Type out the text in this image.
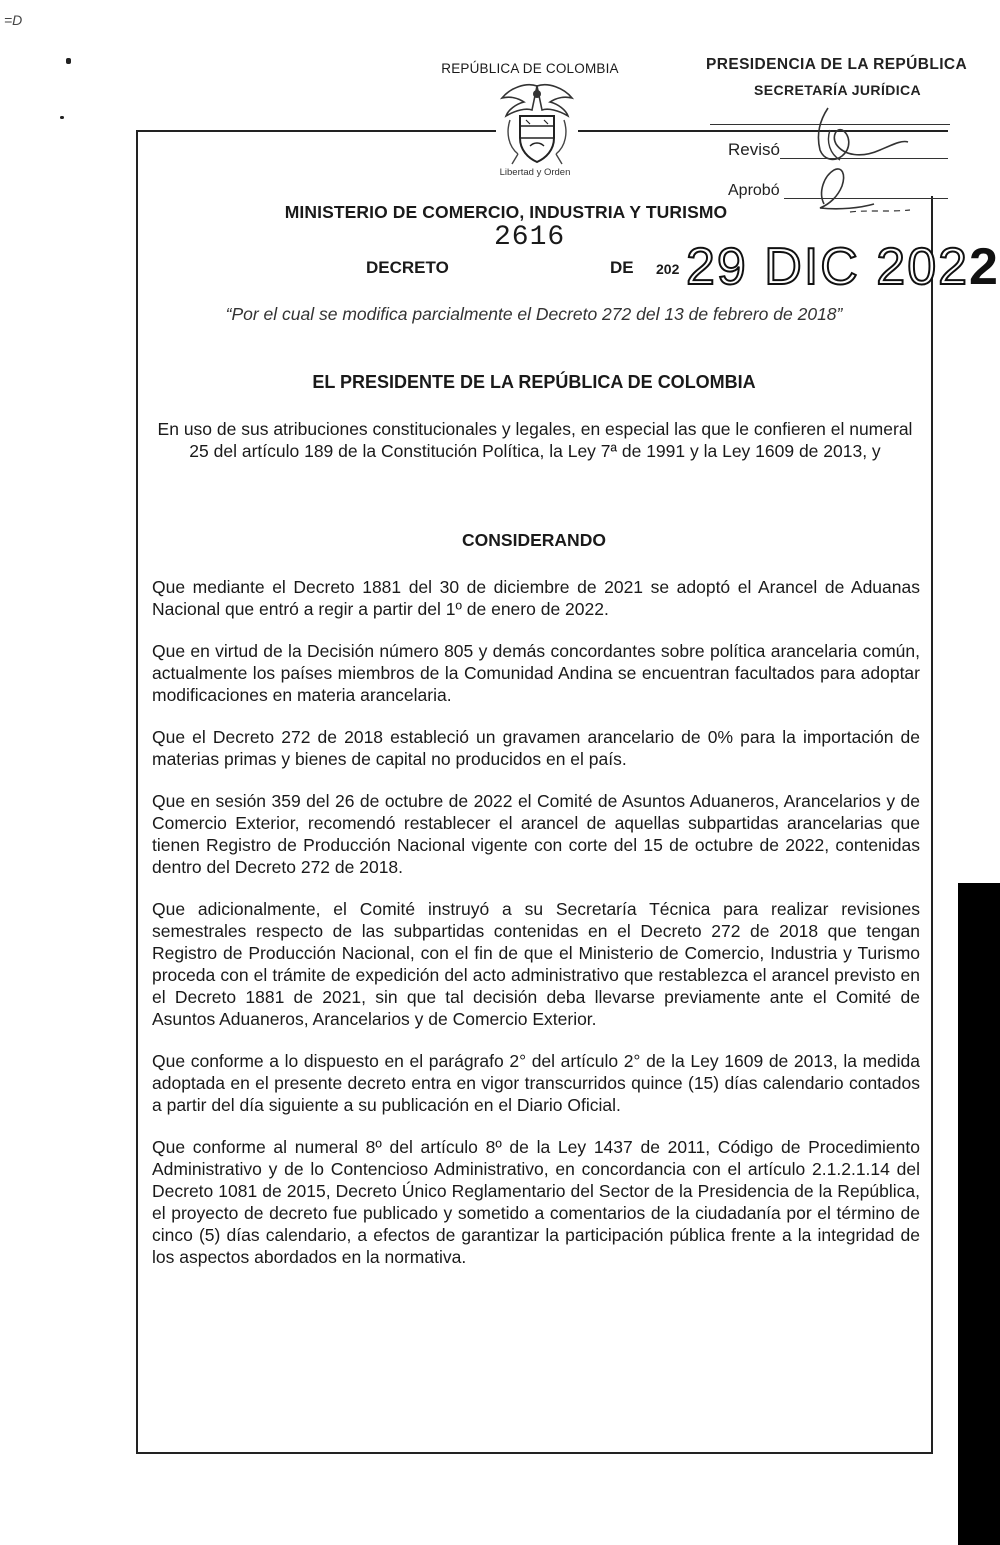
=D
REPÚBLICA DE COLOMBIA
Libertad y Orden
MINISTERIO DE COMERCIO, INDUSTRIA Y TURISMO
2616
DECRETO	DE 202 29 DIC 2022
PRESIDENCIA DE LA REPÚBLICA
SECRETARÍA JURÍDICA
Revisó
Aprobó
“Por el cual se modifica parcialmente el Decreto 272 del 13 de febrero de 2018”
EL PRESIDENTE DE LA REPÚBLICA DE COLOMBIA
En uso de sus atribuciones constitucionales y legales, en especial las que le confieren el numeral 25 del artículo 189 de la Constitución Política, la Ley 7ª de 1991 y la Ley 1609 de 2013, y
CONSIDERANDO

Que mediante el Decreto 1881 del 30 de diciembre de 2021 se adoptó el Arancel de Aduanas Nacional que entró a regir a partir del 1º de enero de 2022.

Que en virtud de la Decisión número 805 y demás concordantes sobre política arancelaria común, actualmente los países miembros de la Comunidad Andina se encuentran facultados para adoptar modificaciones en materia arancelaria.

Que el Decreto 272 de 2018 estableció un gravamen arancelario de 0% para la importación de materias primas y bienes de capital no producidos en el país.

Que en sesión 359 del 26 de octubre de 2022 el Comité de Asuntos Aduaneros, Arancelarios y de Comercio Exterior, recomendó restablecer el arancel de aquellas subpartidas arancelarias que tienen Registro de Producción Nacional vigente con corte del 15 de octubre de 2022, contenidas dentro del Decreto 272 de 2018.

Que adicionalmente, el Comité instruyó a su Secretaría Técnica para realizar revisiones semestrales respecto de las subpartidas contenidas en el Decreto 272 de 2018 que tengan Registro de Producción Nacional, con el fin de que el Ministerio de Comercio, Industria y Turismo proceda con el trámite de expedición del acto administrativo que restablezca el arancel previsto en el Decreto 1881 de 2021, sin que tal decisión deba llevarse previamente ante el Comité de Asuntos Aduaneros, Arancelarios y de Comercio Exterior.

Que conforme a lo dispuesto en el parágrafo 2° del artículo 2° de la Ley 1609 de 2013, la medida adoptada en el presente decreto entra en vigor transcurridos quince (15) días calendario contados a partir del día siguiente a su publicación en el Diario Oficial.

Que conforme al numeral 8º del artículo 8º de la Ley 1437 de 2011, Código de Procedimiento Administrativo y de lo Contencioso Administrativo, en concordancia con el artículo 2.1.2.1.14 del Decreto 1081 de 2015, Decreto Único Reglamentario del Sector de la Presidencia de la República, el proyecto de decreto fue publicado y sometido a comentarios de la ciudadanía por el término de cinco (5) días calendario, a efectos de garantizar la participación pública frente a la integridad de los aspectos abordados en la normativa.
